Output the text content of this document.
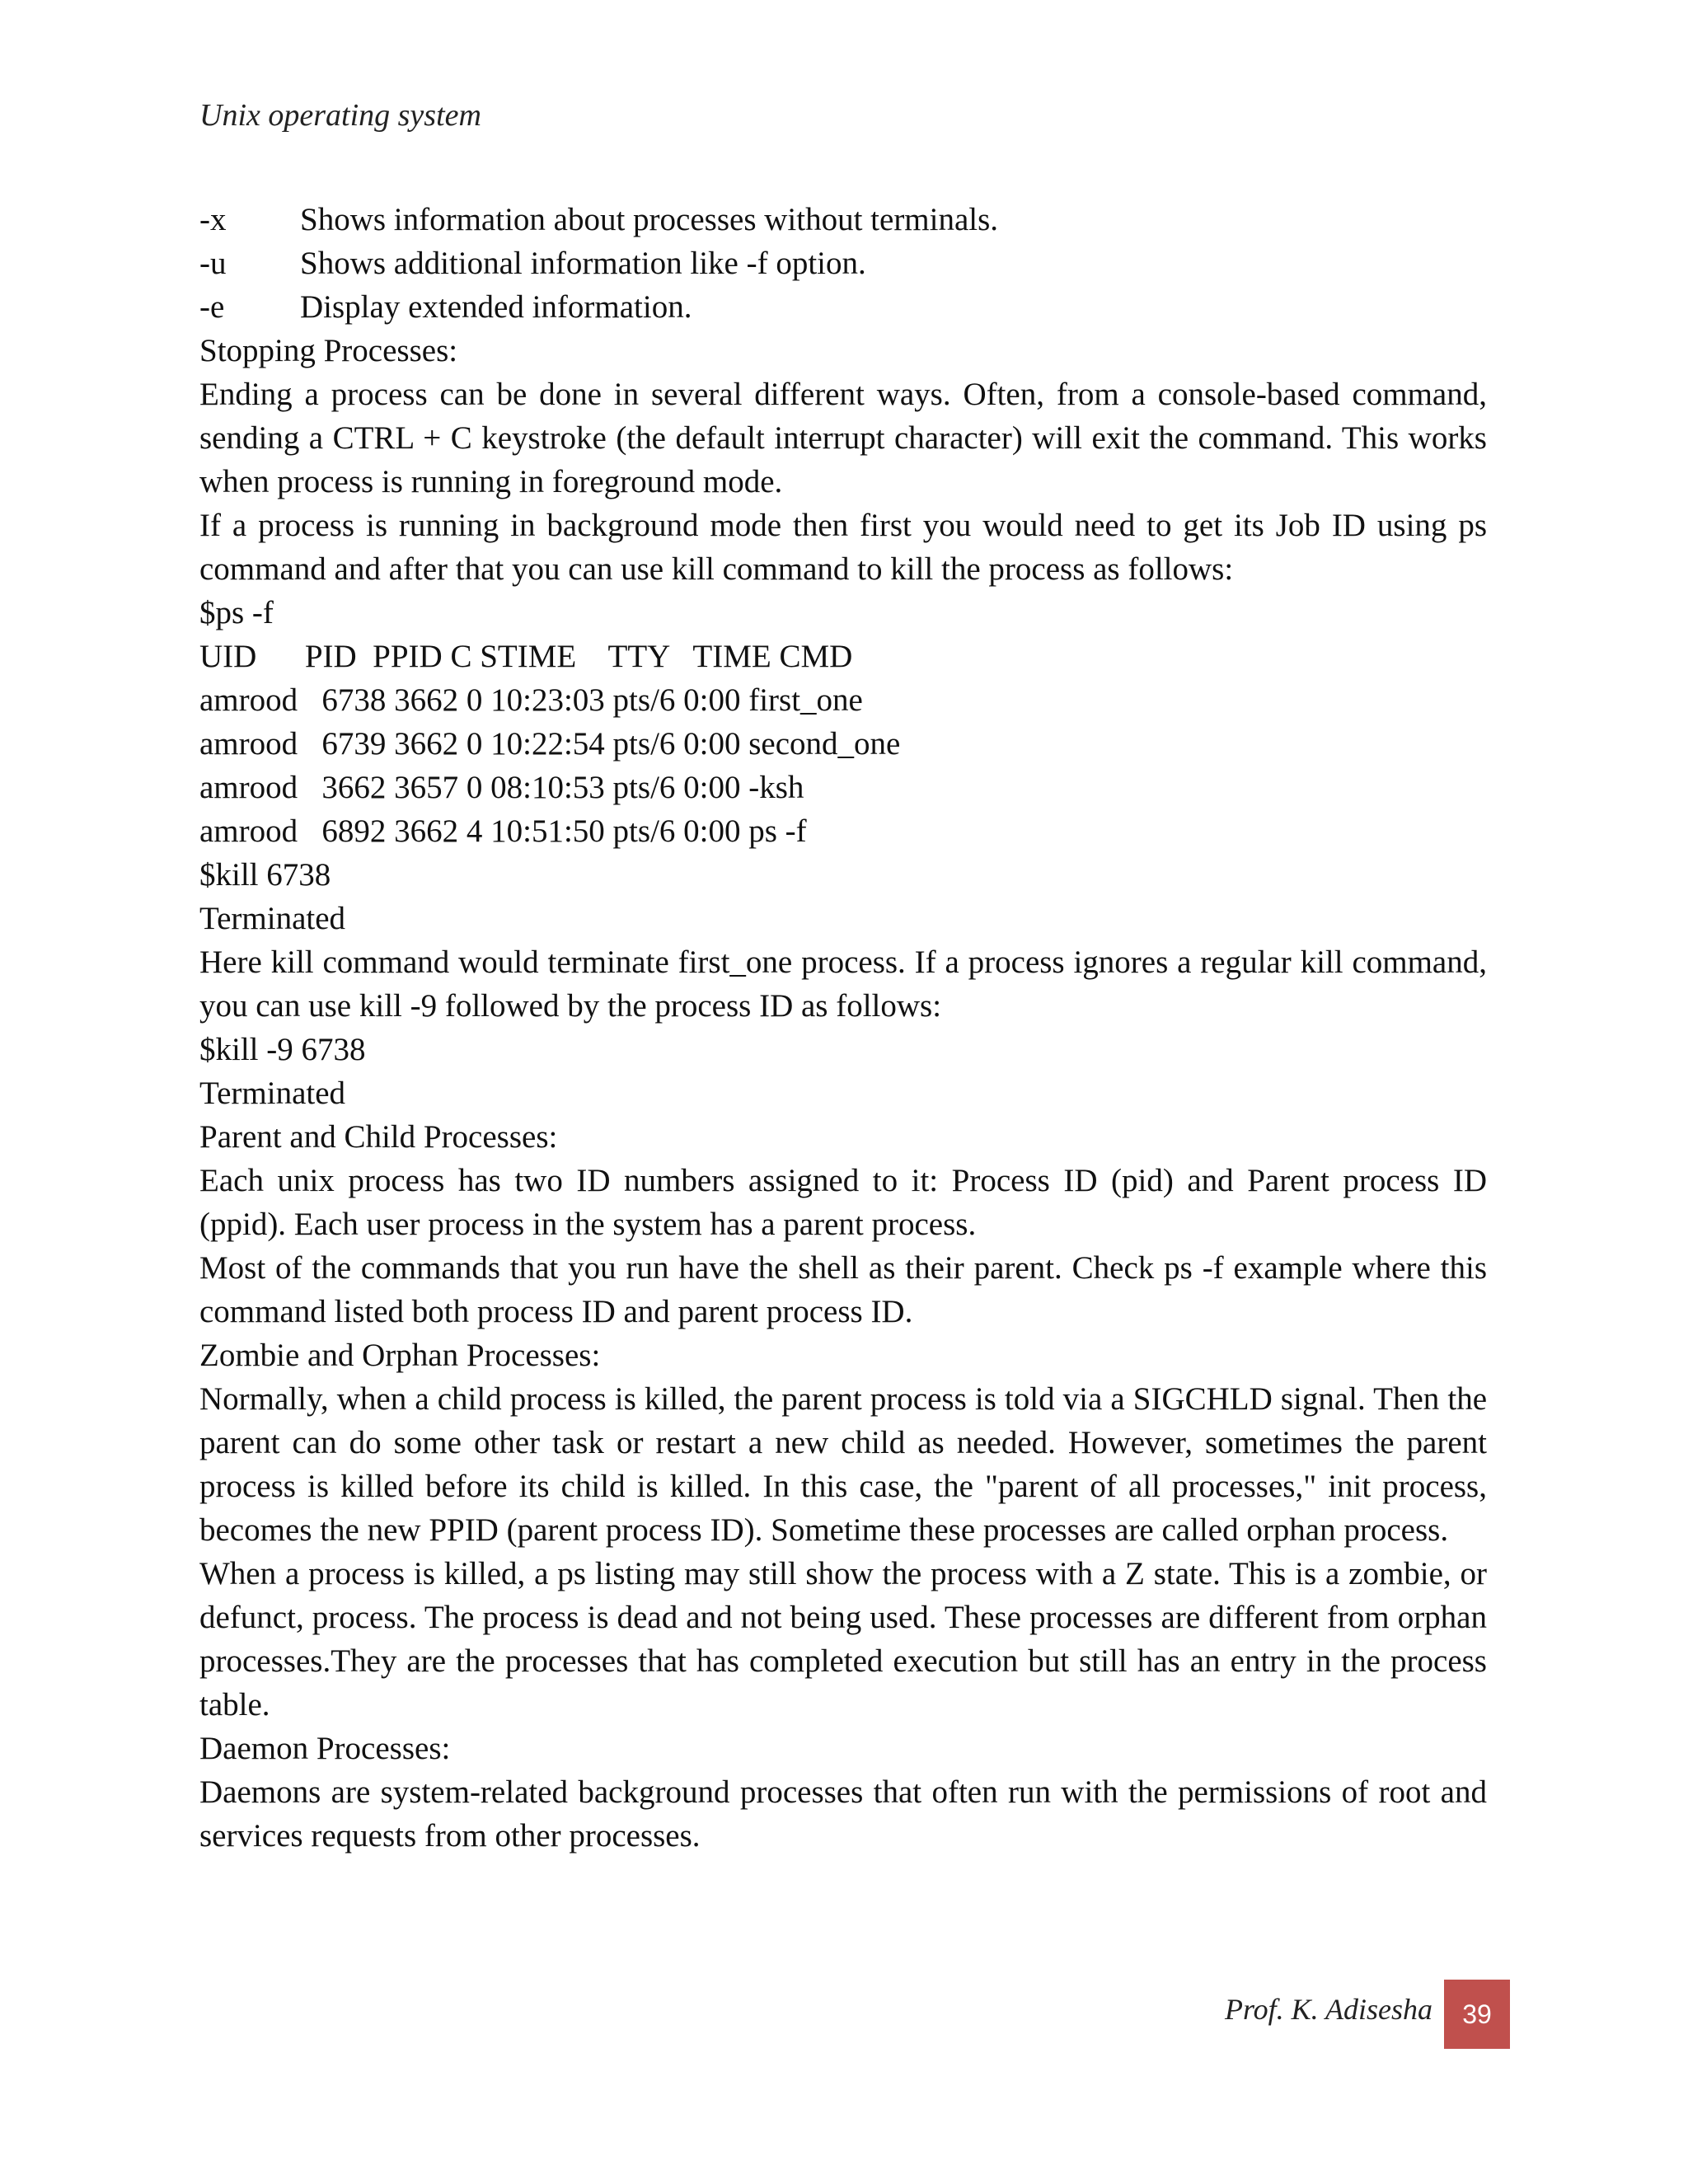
Unix operating system
-x	Shows information about processes without terminals.
-u	Shows additional information like -f option.
-e	Display extended information.
Stopping Processes:
Ending a process can be done in several different ways. Often, from a console-based command, sending a CTRL + C keystroke (the default interrupt character) will exit the command. This works when process is running in foreground mode.
If a process is running in background mode then first you would need to get its Job ID using ps command and after that you can use kill command to kill the process as follows:
$ps -f
UID      PID  PPID C STIME    TTY   TIME CMD
amrood   6738 3662 0 10:23:03 pts/6 0:00 first_one
amrood   6739 3662 0 10:22:54 pts/6 0:00 second_one
amrood   3662 3657 0 08:10:53 pts/6 0:00 -ksh
amrood   6892 3662 4 10:51:50 pts/6 0:00 ps -f
$kill 6738
Terminated
Here kill command would terminate first_one process. If a process ignores a regular kill command, you can use kill -9 followed by the process ID as follows:
$kill -9 6738
Terminated
Parent and Child Processes:
Each unix process has two ID numbers assigned to it: Process ID (pid) and Parent process ID (ppid). Each user process in the system has a parent process.
Most of the commands that you run have the shell as their parent. Check ps -f example where this command listed both process ID and parent process ID.
Zombie and Orphan Processes:
Normally, when a child process is killed, the parent process is told via a SIGCHLD signal. Then the parent can do some other task or restart a new child as needed. However, sometimes the parent process is killed before its child is killed. In this case, the "parent of all processes," init process, becomes the new PPID (parent process ID). Sometime these processes are called orphan process.
When a process is killed, a ps listing may still show the process with a Z state. This is a zombie, or defunct, process. The process is dead and not being used. These processes are different from orphan processes.They are the processes that has completed execution but still has an entry in the process table.
Daemon Processes:
Daemons are system-related background processes that often run with the permissions of root and services requests from other processes.
Prof. K. Adisesha	39
